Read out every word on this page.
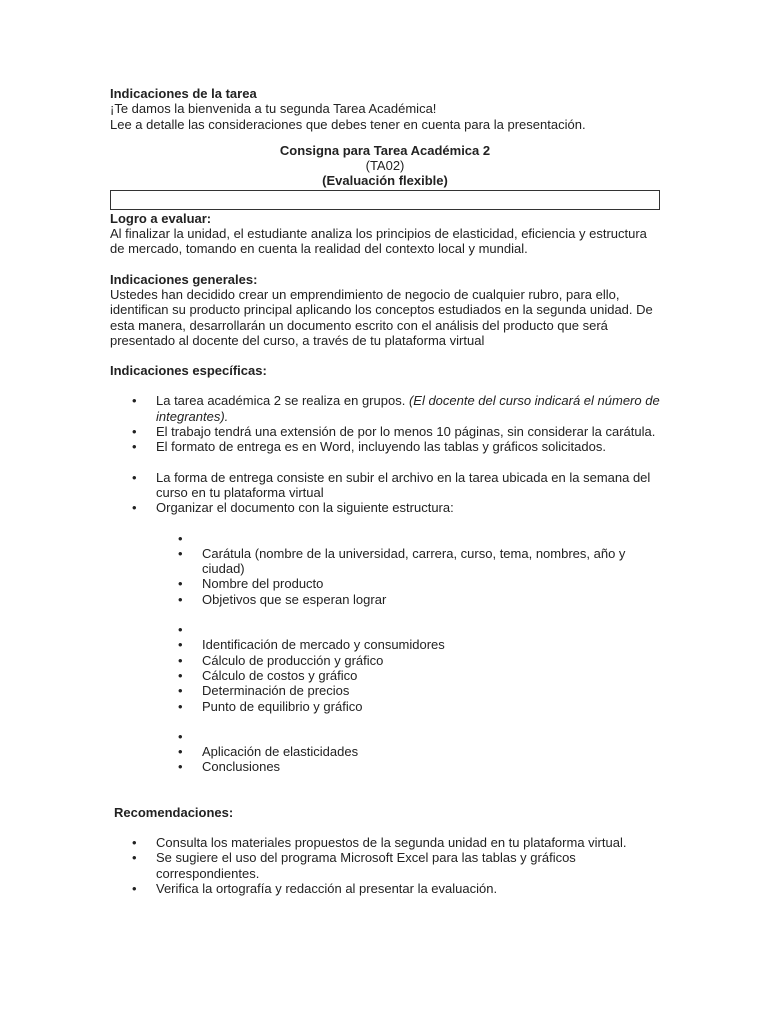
Indicaciones de la tarea

¡Te damos la bienvenida a tu segunda Tarea Académica!

Lee a detalle las consideraciones que debes tener en cuenta para la presentación.

Consigna para Tarea Académica 2

(TA02)

(Evaluación flexible)

Logro a evaluar:

Al finalizar la unidad, el estudiante analiza los principios de elasticidad, eficiencia y estructura de mercado, tomando en cuenta la realidad del contexto local y mundial.

Indicaciones generales:

Ustedes han decidido crear un emprendimiento de negocio de cualquier rubro, para ello, identifican su producto principal aplicando los conceptos estudiados en la segunda unidad. De esta manera, desarrollarán un documento escrito con el análisis del producto que será presentado al docente del curso, a través de tu plataforma virtual

Indicaciones específicas:

• La tarea académica 2 se realiza en grupos. (El docente del curso indicará el número de integrantes).
• El trabajo tendrá una extensión de por lo menos 10 páginas, sin considerar la carátula.
• El formato de entrega es en Word, incluyendo las tablas y gráficos solicitados.
• La forma de entrega consiste en subir el archivo en la tarea ubicada en la semana del curso en tu plataforma virtual
• Organizar el documento con la siguiente estructura:
•
• Carátula (nombre de la universidad, carrera, curso, tema, nombres, año y ciudad)
• Nombre del producto
• Objetivos que se esperan lograr
•
• Identificación de mercado y consumidores
• Cálculo de producción y gráfico
• Cálculo de costos y gráfico
• Determinación de precios
• Punto de equilibrio y gráfico
•
• Aplicación de elasticidades
• Conclusiones

Recomendaciones:

• Consulta los materiales propuestos de la segunda unidad en tu plataforma virtual.
• Se sugiere el uso del programa Microsoft Excel para las tablas y gráficos correspondientes.
• Verifica la ortografía y redacción al presentar la evaluación.
